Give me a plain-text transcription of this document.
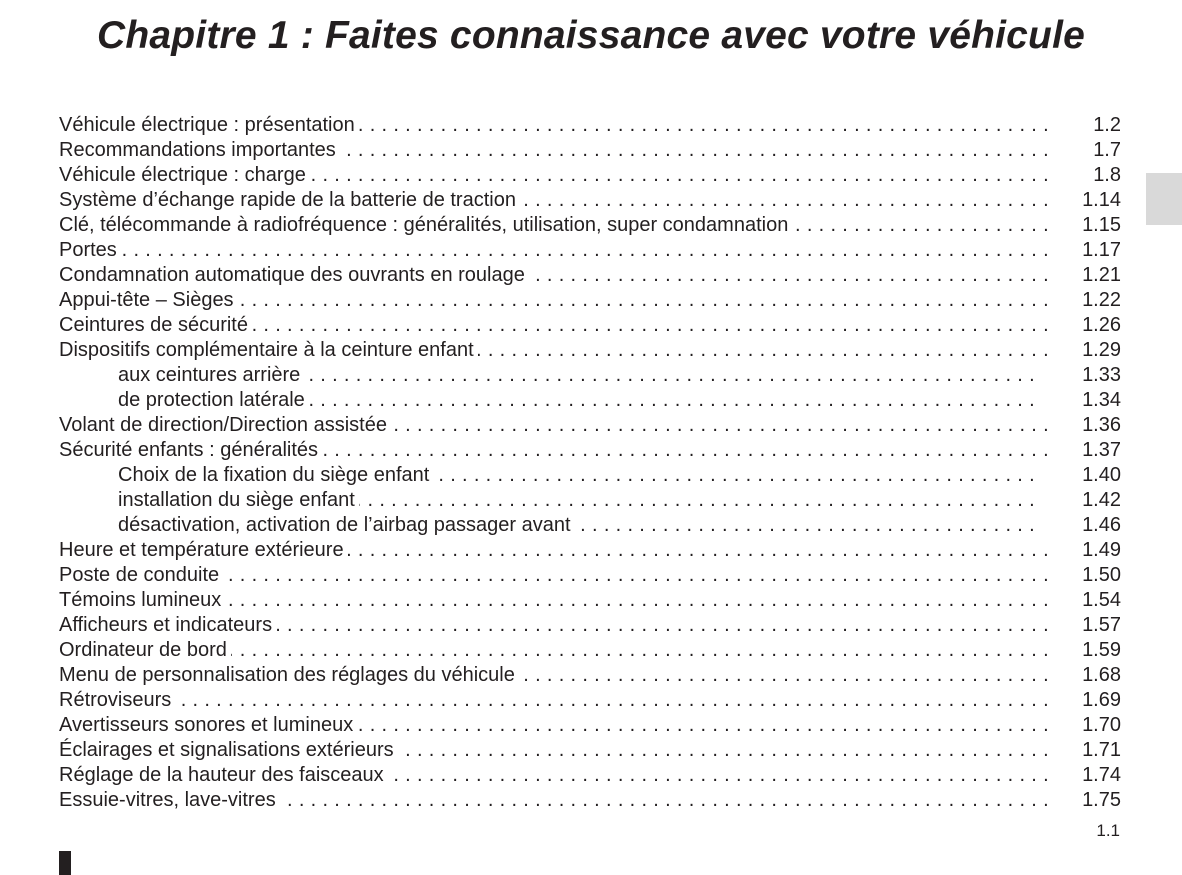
Chapitre 1 : Faites connaissance avec votre véhicule
Véhicule électrique : présentation . . .	1.2
Recommandations importantes . . .	1.7
Véhicule électrique : charge . . .	1.8
Système d’échange rapide de la batterie de traction . . .	1.14
Clé, télécommande à radiofréquence : généralités, utilisation, super condamnation . . .	1.15
Portes . . .	1.17
Condamnation automatique des ouvrants en roulage . . .	1.21
Appui-tête – Sièges . . .	1.22
Ceintures de sécurité . . .	1.26
Dispositifs complémentaire à la ceinture enfant . . .	1.29
aux ceintures arrière . . .	1.33
de protection latérale . . .	1.34
Volant de direction/Direction assistée . . .	1.36
Sécurité enfants : généralités . . .	1.37
Choix de la fixation du siège enfant . . .	1.40
installation du siège enfant . . .	1.42
désactivation, activation de l’airbag passager avant . . .	1.46
Heure et température extérieure . . .	1.49
Poste de conduite . . .	1.50
Témoins lumineux . . .	1.54
Afficheurs et indicateurs . . .	1.57
Ordinateur de bord . . .	1.59
Menu de personnalisation des réglages du véhicule . . .	1.68
Rétroviseurs . . .	1.69
Avertisseurs sonores et lumineux . . .	1.70
Éclairages et signalisations extérieurs . . .	1.71
Réglage de la hauteur des faisceaux . . .	1.74
Essuie-vitres, lave-vitres . . .	1.75
1.1
